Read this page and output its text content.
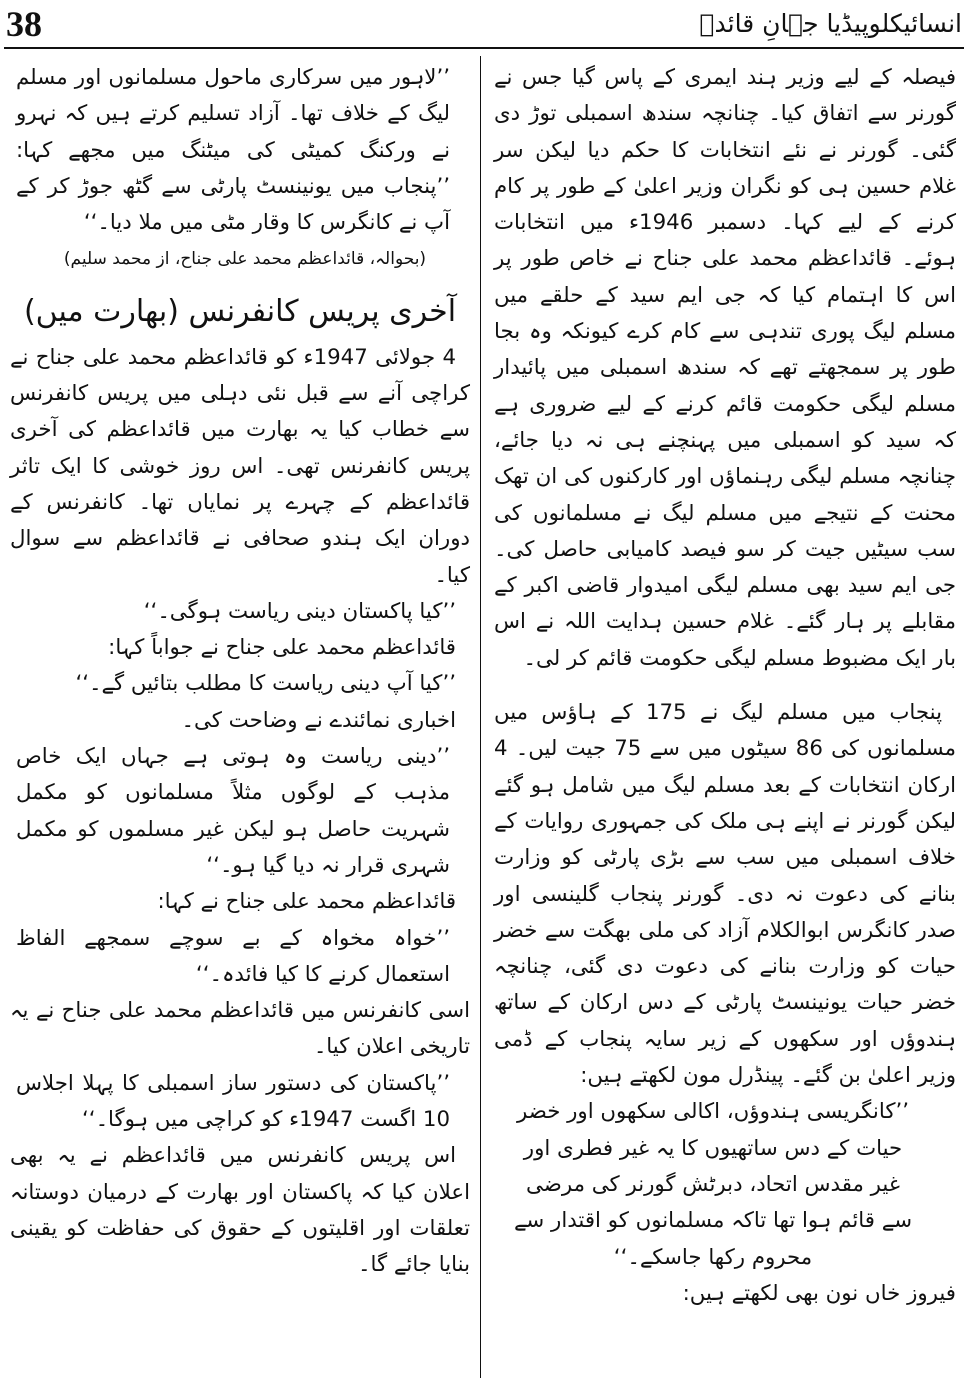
38	انسائیکلوپیڈیا جہانِ قائدؒ

فیصلہ کے لیے وزیر ہند ایمری کے پاس گیا جس نے گورنر سے اتفاق کیا۔ چنانچہ سندھ اسمبلی توڑ دی گئی۔ گورنر نے نئے انتخابات کا حکم دیا لیکن سر غلام حسین ہی کو نگران وزیر اعلیٰ کے طور پر کام کرنے کے لیے کہا۔ دسمبر 1946ء میں انتخابات ہوئے۔ قائداعظم محمد علی جناح نے خاص طور پر اس کا اہتمام کیا کہ جی ایم سید کے حلقے میں مسلم لیگ پوری تندہی سے کام کرے کیونکہ وہ بجا طور پر سمجھتے تھے کہ سندھ اسمبلی میں پائیدار مسلم لیگی حکومت قائم کرنے کے لیے ضروری ہے کہ سید کو اسمبلی میں پہنچنے ہی نہ دیا جائے، چنانچہ مسلم لیگی رہنماؤں اور کارکنوں کی ان تھک محنت کے نتیجے میں مسلم لیگ نے مسلمانوں کی سب سیٹیں جیت کر سو فیصد کامیابی حاصل کی۔ جی ایم سید بھی مسلم لیگی امیدوار قاضی اکبر کے مقابلے پر ہار گئے۔ غلام حسین ہدایت اللہ نے اس بار ایک مضبوط مسلم لیگی حکومت قائم کر لی۔

پنجاب میں مسلم لیگ نے 175 کے ہاؤس میں مسلمانوں کی 86 سیٹوں میں سے 75 جیت لیں۔ 4 ارکان انتخابات کے بعد مسلم لیگ میں شامل ہو گئے لیکن گورنر نے اپنے ہی ملک کی جمہوری روایات کے خلاف اسمبلی میں سب سے بڑی پارٹی کو وزارت بنانے کی دعوت نہ دی۔ گورنر پنجاب گلینسی اور صدر کانگرس ابوالکلام آزاد کی ملی بھگت سے خضر حیات کو وزارت بنانے کی دعوت دی گئی، چنانچہ خضر حیات یونینسٹ پارٹی کے دس ارکان کے ساتھ ہندوؤں اور سکھوں کے زیر سایہ پنجاب کے ڈمی وزیر اعلیٰ بن گئے۔ پینڈرل مون لکھتے ہیں:

’’کانگریسی ہندوؤں، اکالی سکھوں اور خضر حیات کے دس ساتھیوں کا یہ غیر فطری اور غیر مقدس اتحاد، دبرٹش گورنر کی مرضی سے قائم ہوا تھا تاکہ مسلمانوں کو اقتدار سے محروم رکھا جاسکے۔‘‘

فیروز خاں نون بھی لکھتے ہیں:

’’لاہور میں سرکاری ماحول مسلمانوں اور مسلم لیگ کے خلاف تھا۔ آزاد تسلیم کرتے ہیں کہ نہرو نے ورکنگ کمیٹی کی میٹنگ میں مجھے کہا: ’’پنجاب میں یونینسٹ پارٹی سے گٹھ جوڑ کر کے آپ نے کانگرس کا وقار مٹی میں ملا دیا۔‘‘

(بحوالہ، قائداعظم محمد علی جناح، از محمد سلیم)

آخری پریس کانفرنس (بھارت میں)

4 جولائی 1947ء کو قائداعظم محمد علی جناح نے کراچی آنے سے قبل نئی دہلی میں پریس کانفرنس سے خطاب کیا یہ بھارت میں قائداعظم کی آخری پریس کانفرنس تھی۔ اس روز خوشی کا ایک تاثر قائداعظم کے چہرے پر نمایاں تھا۔ کانفرنس کے دوران ایک ہندو صحافی نے قائداعظم سے سوال کیا۔

’’کیا پاکستان دینی ریاست ہوگی۔‘‘

قائداعظم محمد علی جناح نے جواباً کہا:

’’کیا آپ دینی ریاست کا مطلب بتائیں گے۔‘‘

اخباری نمائندے نے وضاحت کی۔

’’دینی ریاست وہ ہوتی ہے جہاں ایک خاص مذہب کے لوگوں مثلاً مسلمانوں کو مکمل شہریت حاصل ہو لیکن غیر مسلموں کو مکمل شہری قرار نہ دیا گیا ہو۔‘‘

قائداعظم محمد علی جناح نے کہا:

’’خواہ مخواہ کے بے سوچے سمجھے الفاظ استعمال کرنے کا کیا فائدہ۔‘‘

اسی کانفرنس میں قائداعظم محمد علی جناح نے یہ تاریخی اعلان کیا۔

’’پاکستان کی دستور ساز اسمبلی کا پہلا اجلاس 10 اگست 1947ء کو کراچی میں ہوگا۔‘‘

اس پریس کانفرنس میں قائداعظم نے یہ بھی اعلان کیا کہ پاکستان اور بھارت کے درمیان دوستانہ تعلقات اور اقلیتوں کے حقوق کی حفاظت کو یقینی بنایا جائے گا۔
